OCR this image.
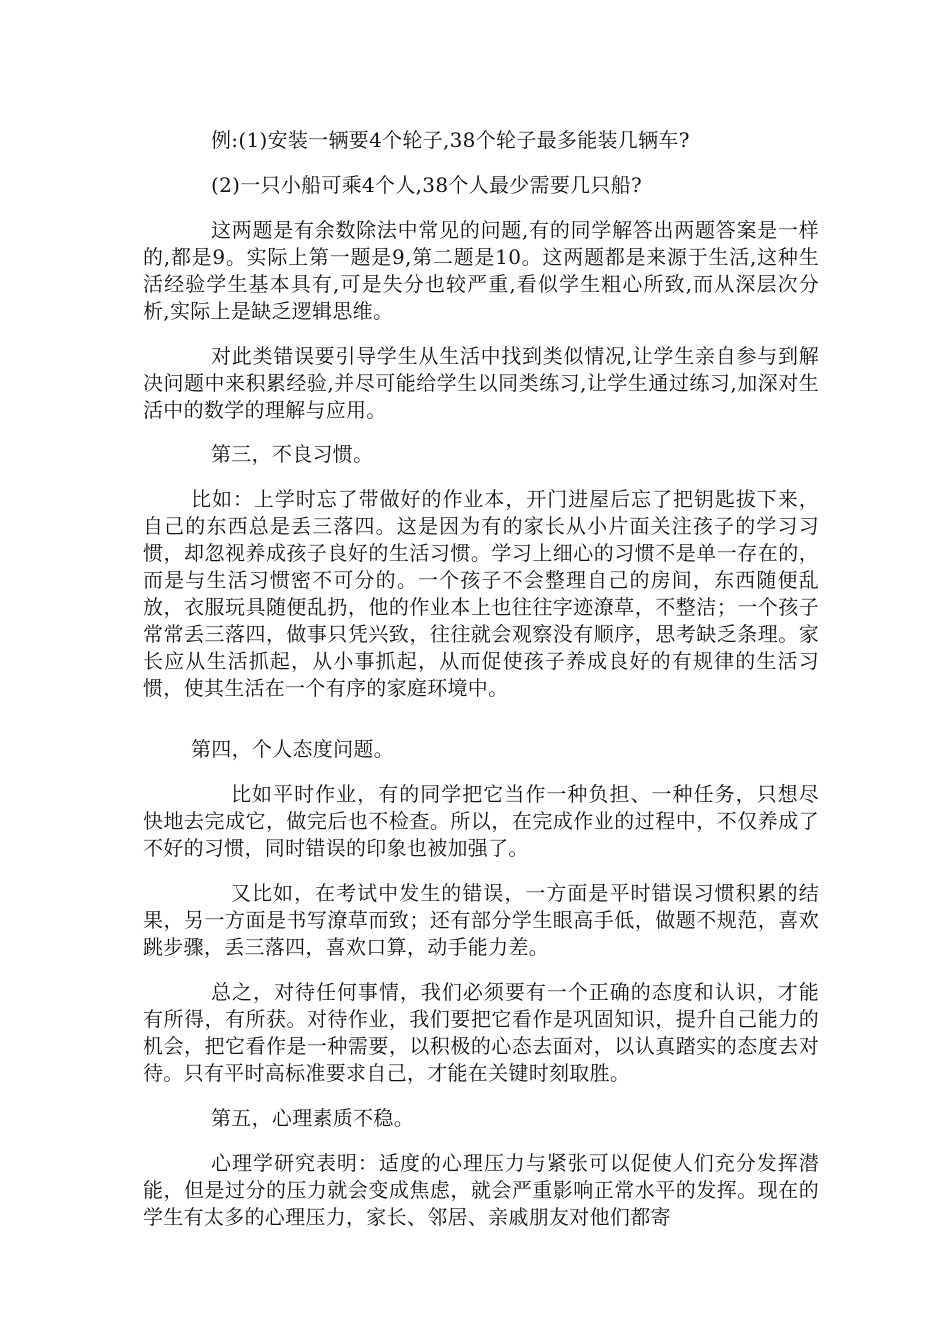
例:(1)安装一辆要4个轮子,38个轮子最多能装几辆车?

(2)一只小船可乘4个人,38个人最少需要几只船?

这两题是有余数除法中常见的问题,有的同学解答出两题答案是一样的,都是9。实际上第一题是9,第二题是10。这两题都是来源于生活,这种生活经验学生基本具有,可是失分也较严重,看似学生粗心所致,而从深层次分析,实际上是缺乏逻辑思维。

对此类错误要引导学生从生活中找到类似情况,让学生亲自参与到解决问题中来积累经验,并尽可能给学生以同类练习,让学生通过练习,加深对生活中的数学的理解与应用。

第三，不良习惯。

比如：上学时忘了带做好的作业本，开门进屋后忘了把钥匙拔下来，自己的东西总是丢三落四。这是因为有的家长从小片面关注孩子的学习习惯，却忽视养成孩子良好的生活习惯。学习上细心的习惯不是单一存在的，而是与生活习惯密不可分的。一个孩子不会整理自己的房间，东西随便乱放，衣服玩具随便乱扔，他的作业本上也往往字迹潦草，不整洁；一个孩子常常丢三落四，做事只凭兴致，往往就会观察没有顺序，思考缺乏条理。家长应从生活抓起，从小事抓起，从而促使孩子养成良好的有规律的生活习惯，使其生活在一个有序的家庭环境中。

第四，个人态度问题。

比如平时作业，有的同学把它当作一种负担、一种任务，只想尽快地去完成它，做完后也不检查。所以，在完成作业的过程中，不仅养成了不好的习惯，同时错误的印象也被加强了。

又比如，在考试中发生的错误，一方面是平时错误习惯积累的结果，另一方面是书写潦草而致；还有部分学生眼高手低，做题不规范，喜欢跳步骤，丢三落四，喜欢口算，动手能力差。

总之，对待任何事情，我们必须要有一个正确的态度和认识，才能有所得，有所获。对待作业，我们要把它看作是巩固知识，提升自己能力的机会，把它看作是一种需要，以积极的心态去面对，以认真踏实的态度去对待。只有平时高标准要求自己，才能在关键时刻取胜。

第五，心理素质不稳。

心理学研究表明：适度的心理压力与紧张可以促使人们充分发挥潜能，但是过分的压力就会变成焦虑，就会严重影响正常水平的发挥。现在的学生有太多的心理压力，家长、邻居、亲戚朋友对他们都寄
